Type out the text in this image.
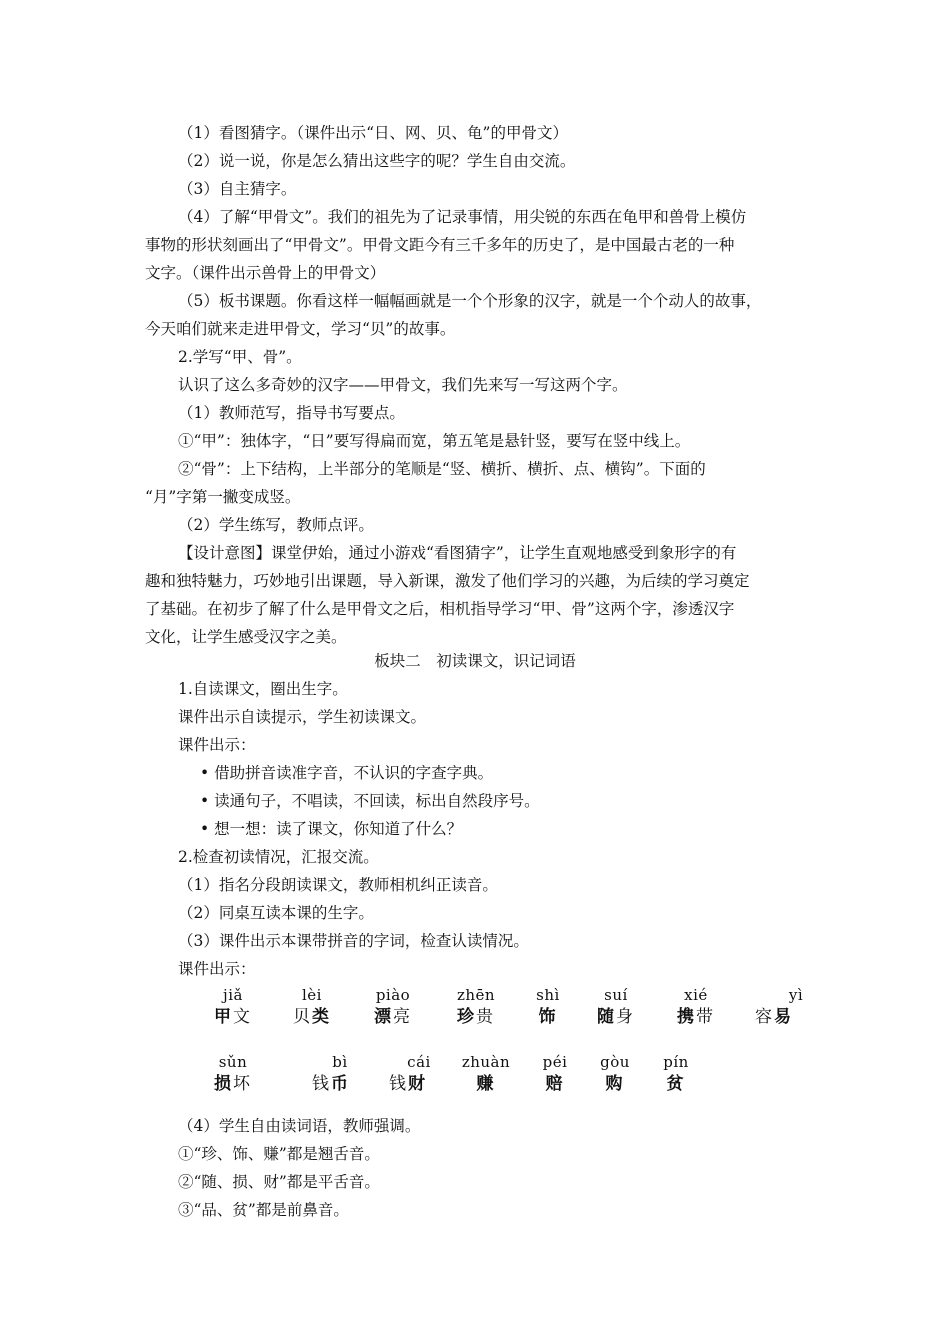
（1）看图猜字。（课件出示“日、网、贝、龟”的甲骨文）
（2）说一说，你是怎么猜出这些字的呢？学生自由交流。
（3）自主猜字。
（4）了解“甲骨文”。我们的祖先为了记录事情，用尖锐的东西在龟甲和兽骨上模仿
事物的形状刻画出了“甲骨文”。甲骨文距今有三千多年的历史了，是中国最古老的一种
文字。（课件出示兽骨上的甲骨文）
（5）板书课题。你看这样一幅幅画就是一个个形象的汉字，就是一个个动人的故事，
今天咱们就来走进甲骨文，学习“贝”的故事。
2.学写“甲、骨”。
认识了这么多奇妙的汉字——甲骨文，我们先来写一写这两个字。
（1）教师范写，指导书写要点。
①“甲”：独体字，“日”要写得扁而宽，第五笔是悬针竖，要写在竖中线上。
②“骨”：上下结构，上半部分的笔顺是“竖、横折、横折、点、横钩”。下面的
“月”字第一撇变成竖。
（2）学生练写，教师点评。
【设计意图】课堂伊始，通过小游戏“看图猜字”，让学生直观地感受到象形字的有
趣和独特魅力，巧妙地引出课题，导入新课，激发了他们学习的兴趣，为后续的学习奠定
了基础。在初步了解了什么是甲骨文之后，相机指导学习“甲、骨”这两个字，渗透汉字
文化，让学生感受汉字之美。
板块二　初读课文，识记词语
1.自读课文，圈出生字。
课件出示自读提示，学生初读课文。
课件出示：
• 借助拼音读准字音，不认识的字查字典。
• 读通句子，不唱读，不回读，标出自然段序号。
• 想一想：读了课文，你知道了什么？
2.检查初读情况，汇报交流。
（1）指名分段朗读课文，教师相机纠正读音。
（2）同桌互读本课的生字。
（3）课件出示本课带拼音的字词，检查认读情况。
课件出示：
jiǎ
甲文
lèi
贝类
piào
漂亮
zhēn
珍贵
shì
饰
suí
随身
xié
携带
yì
容易
sǔn
损坏
bì
钱币
cái
钱财
zhuàn
赚
péi
赔
gòu
购
pín
贫
（4）学生自由读词语，教师强调。
①“珍、饰、赚”都是翘舌音。
②“随、损、财”都是平舌音。
③“品、贫”都是前鼻音。
